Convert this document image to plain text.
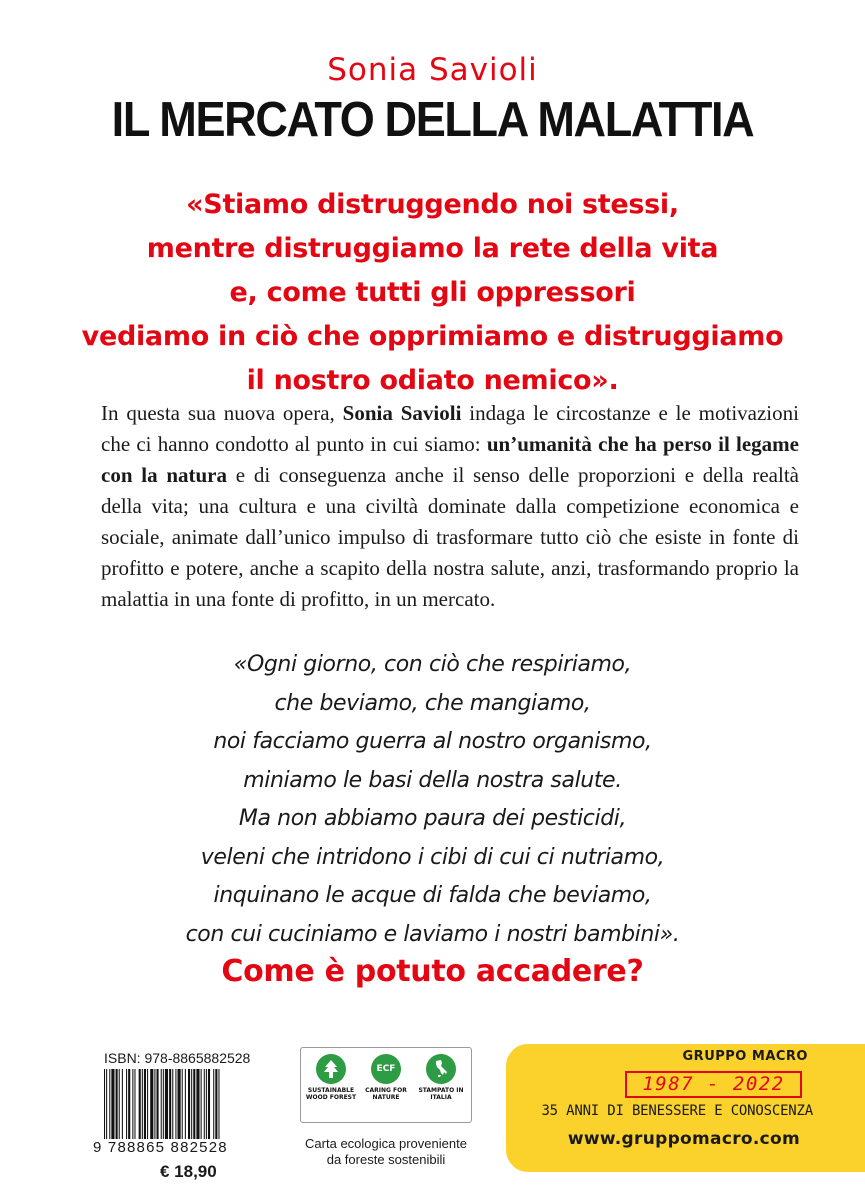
Sonia Savioli
IL MERCATO DELLA MALATTIA
«Stiamo distruggendo noi stessi,
mentre distruggiamo la rete della vita
e, come tutti gli oppressori
vediamo in ciò che opprimiamo e distruggiamo
il nostro odiato nemico».
In questa sua nuova opera, Sonia Savioli indaga le circostanze e le motivazioni che ci hanno condotto al punto in cui siamo: un’umanità che ha perso il legame con la natura e di conseguenza anche il senso delle proporzioni e della realtà della vita; una cultura e una civiltà dominate dalla competizione economica e sociale, animate dall’unico impulso di trasformare tutto ciò che esiste in fonte di profitto e potere, anche a scapito della nostra salute, anzi, trasformando proprio la malattia in una fonte di profitto, in un mercato.
«Ogni giorno, con ciò che respiriamo,
che beviamo, che mangiamo,
noi facciamo guerra al nostro organismo,
miniamo le basi della nostra salute.
Ma non abbiamo paura dei pesticidi,
veleni che intridono i cibi di cui ci nutriamo,
inquinano le acque di falda che beviamo,
con cui cuciniamo e laviamo i nostri bambini».
Come è potuto accadere?
ISBN: 978-8865882528
9 788865 882528
€ 18,90
SUSTAINABLE WOOD FOREST
ECF
CARING FOR NATURE
STAMPATO IN ITALIA
Carta ecologica proveniente da foreste sostenibili
GRUPPO MACRO
1987 - 2022
35 ANNI DI BENESSERE E CONOSCENZA
www.gruppomacro.com
